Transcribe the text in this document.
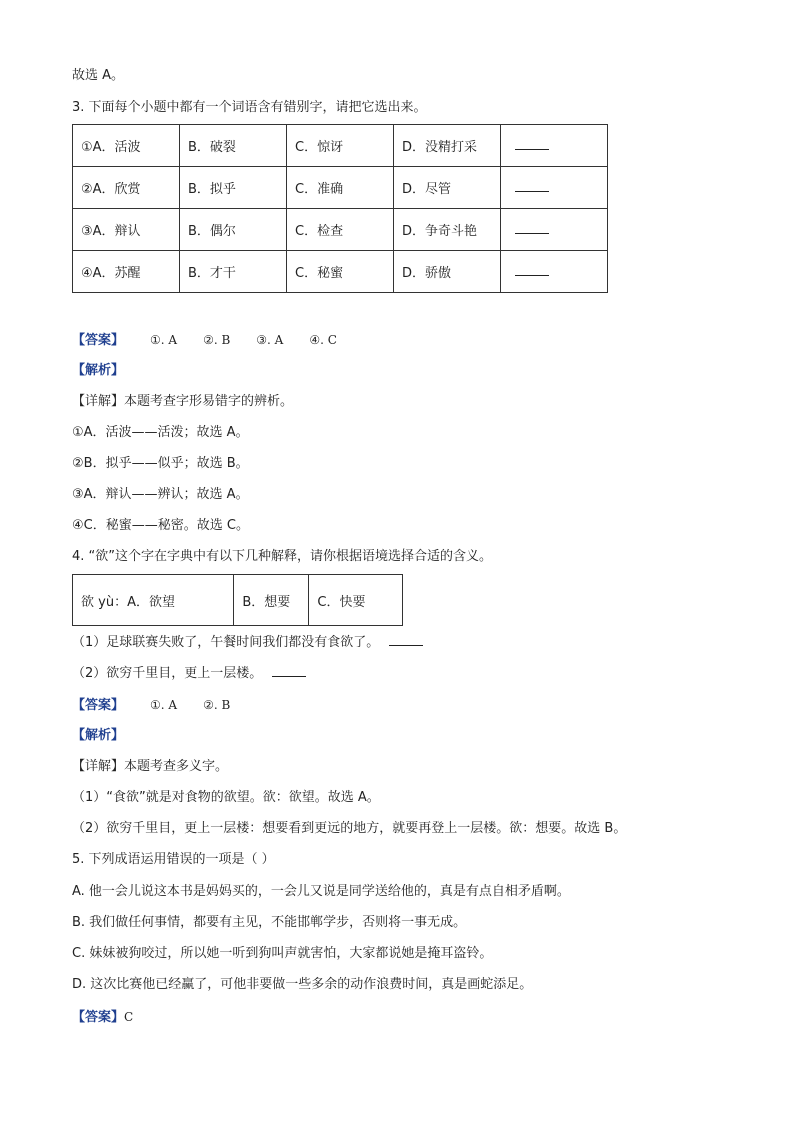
故选 A。
3. 下面每个小题中都有一个词语含有错别字，请把它选出来。
①A．活波	B．破裂	C．惊讶	D．没精打采	
②A．欣赏	B．拟乎	C．准确	D．尽管	
③A．辩认	B．偶尔	C．检查	D．争奇斗艳	
④A．苏醒	B．才干	C．秘蜜	D．骄傲	
【答案】 ①. A ②. B ③. A ④. C
【解析】
【详解】本题考查字形易错字的辨析。
①A．活波——活泼；故选 A。
②B．拟乎——似乎；故选 B。
③A．辩认——辨认；故选 A。
④C．秘蜜——秘密。故选 C。
4. “欲”这个字在字典中有以下几种解释，请你根据语境选择合适的含义。
欲 yù：A．欲望	B．想要	C．快要
（1）足球联赛失败了，午餐时间我们都没有食欲了。
（2）欲穷千里目，更上一层楼。
【答案】 ①. A ②. B
【解析】
【详解】本题考查多义字。
（1）“食欲”就是对食物的欲望。欲：欲望。故选 A。
（2）欲穷千里目，更上一层楼：想要看到更远的地方，就要再登上一层楼。欲：想要。故选 B。
5. 下列成语运用错误的一项是（ ）
A. 他一会儿说这本书是妈妈买的，一会儿又说是同学送给他的，真是有点自相矛盾啊。
B. 我们做任何事情，都要有主见，不能邯郸学步，否则将一事无成。
C. 妹妹被狗咬过，所以她一听到狗叫声就害怕，大家都说她是掩耳盗铃。
D. 这次比赛他已经赢了，可他非要做一些多余的动作浪费时间，真是画蛇添足。
【答案】C
